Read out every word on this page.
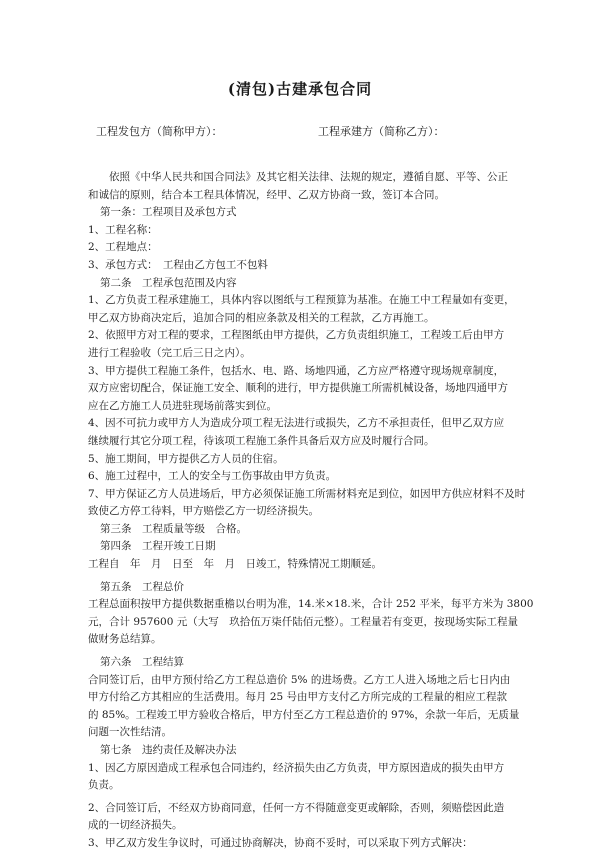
(清包)古建承包合同
工程发包方（简称甲方）：	工程承建方（简称乙方）：
依照《中华人民共和国合同法》及其它相关法律、法规的规定，遵循自愿、平等、公正
和诚信的原则，结合本工程具体情况，经甲、乙双方协商一致，签订本合同。
第一条：工程项目及承包方式
1、工程名称：
2、工程地点：
3、承包方式：　工程由乙方包工不包料
第二条　工程承包范围及内容
1、乙方负责工程承建施工，具体内容以图纸与工程预算为基准。在施工中工程量如有变更，
甲乙双方协商决定后，追加合同的相应条款及相关的工程款，乙方再施工。
2、依照甲方对工程的要求，工程图纸由甲方提供，乙方负责组织施工，工程竣工后由甲方
进行工程验收（完工后三日之内）。
3、甲方提供工程施工条件，包括水、电、路、场地四通，乙方应严格遵守现场规章制度，
双方应密切配合，保证施工安全、顺利的进行，甲方提供施工所需机械设备，场地四通甲方
应在乙方施工人员进驻现场前落实到位。
4、因不可抗力或甲方人为造成分项工程无法进行或损失，乙方不承担责任，但甲乙双方应
继续履行其它分项工程，待该项工程施工条件具备后双方应及时履行合同。
5、施工期间，甲方提供乙方人员的住宿。
6、施工过程中，工人的安全与工伤事故由甲方负责。
7、甲方保证乙方人员进场后，甲方必须保证施工所需材料充足到位，如因甲方供应材料不及时
致使乙方停工待料，甲方赔偿乙方一切经济损失。
第三条　工程质量等级　合格。
第四条　工程开竣工日期
工程自　年　月　日至　年　月　日竣工，特殊情况工期顺延。
第五条　工程总价
工程总面积按甲方提供数据重檐以台明为准，14.米×18.米，合计 252 平米，每平方米为 3800
元，合计 957600 元（大写　玖拾伍万柒仟陆佰元整）。工程量若有变更，按现场实际工程量
做财务总结算。
第六条　工程结算
合同签订后，由甲方预付给乙方工程总造价 5% 的进场费。乙方工人进入场地之后七日内由
甲方付给乙方其相应的生活费用。每月 25 号由甲方支付乙方所完成的工程量的相应工程款
的 85%。工程竣工甲方验收合格后，甲方付至乙方工程总造价的 97%，余款一年后，无质量
问题一次性结清。
第七条　违约责任及解决办法
1、因乙方原因造成工程承包合同违约，经济损失由乙方负责，甲方原因造成的损失由甲方
负责。
2、合同签订后，不经双方协商同意，任何一方不得随意变更或解除，否则，须赔偿因此造
成的一切经济损失。
3、甲乙双方发生争议时，可通过协商解决，协商不妥时，可以采取下列方式解决：
